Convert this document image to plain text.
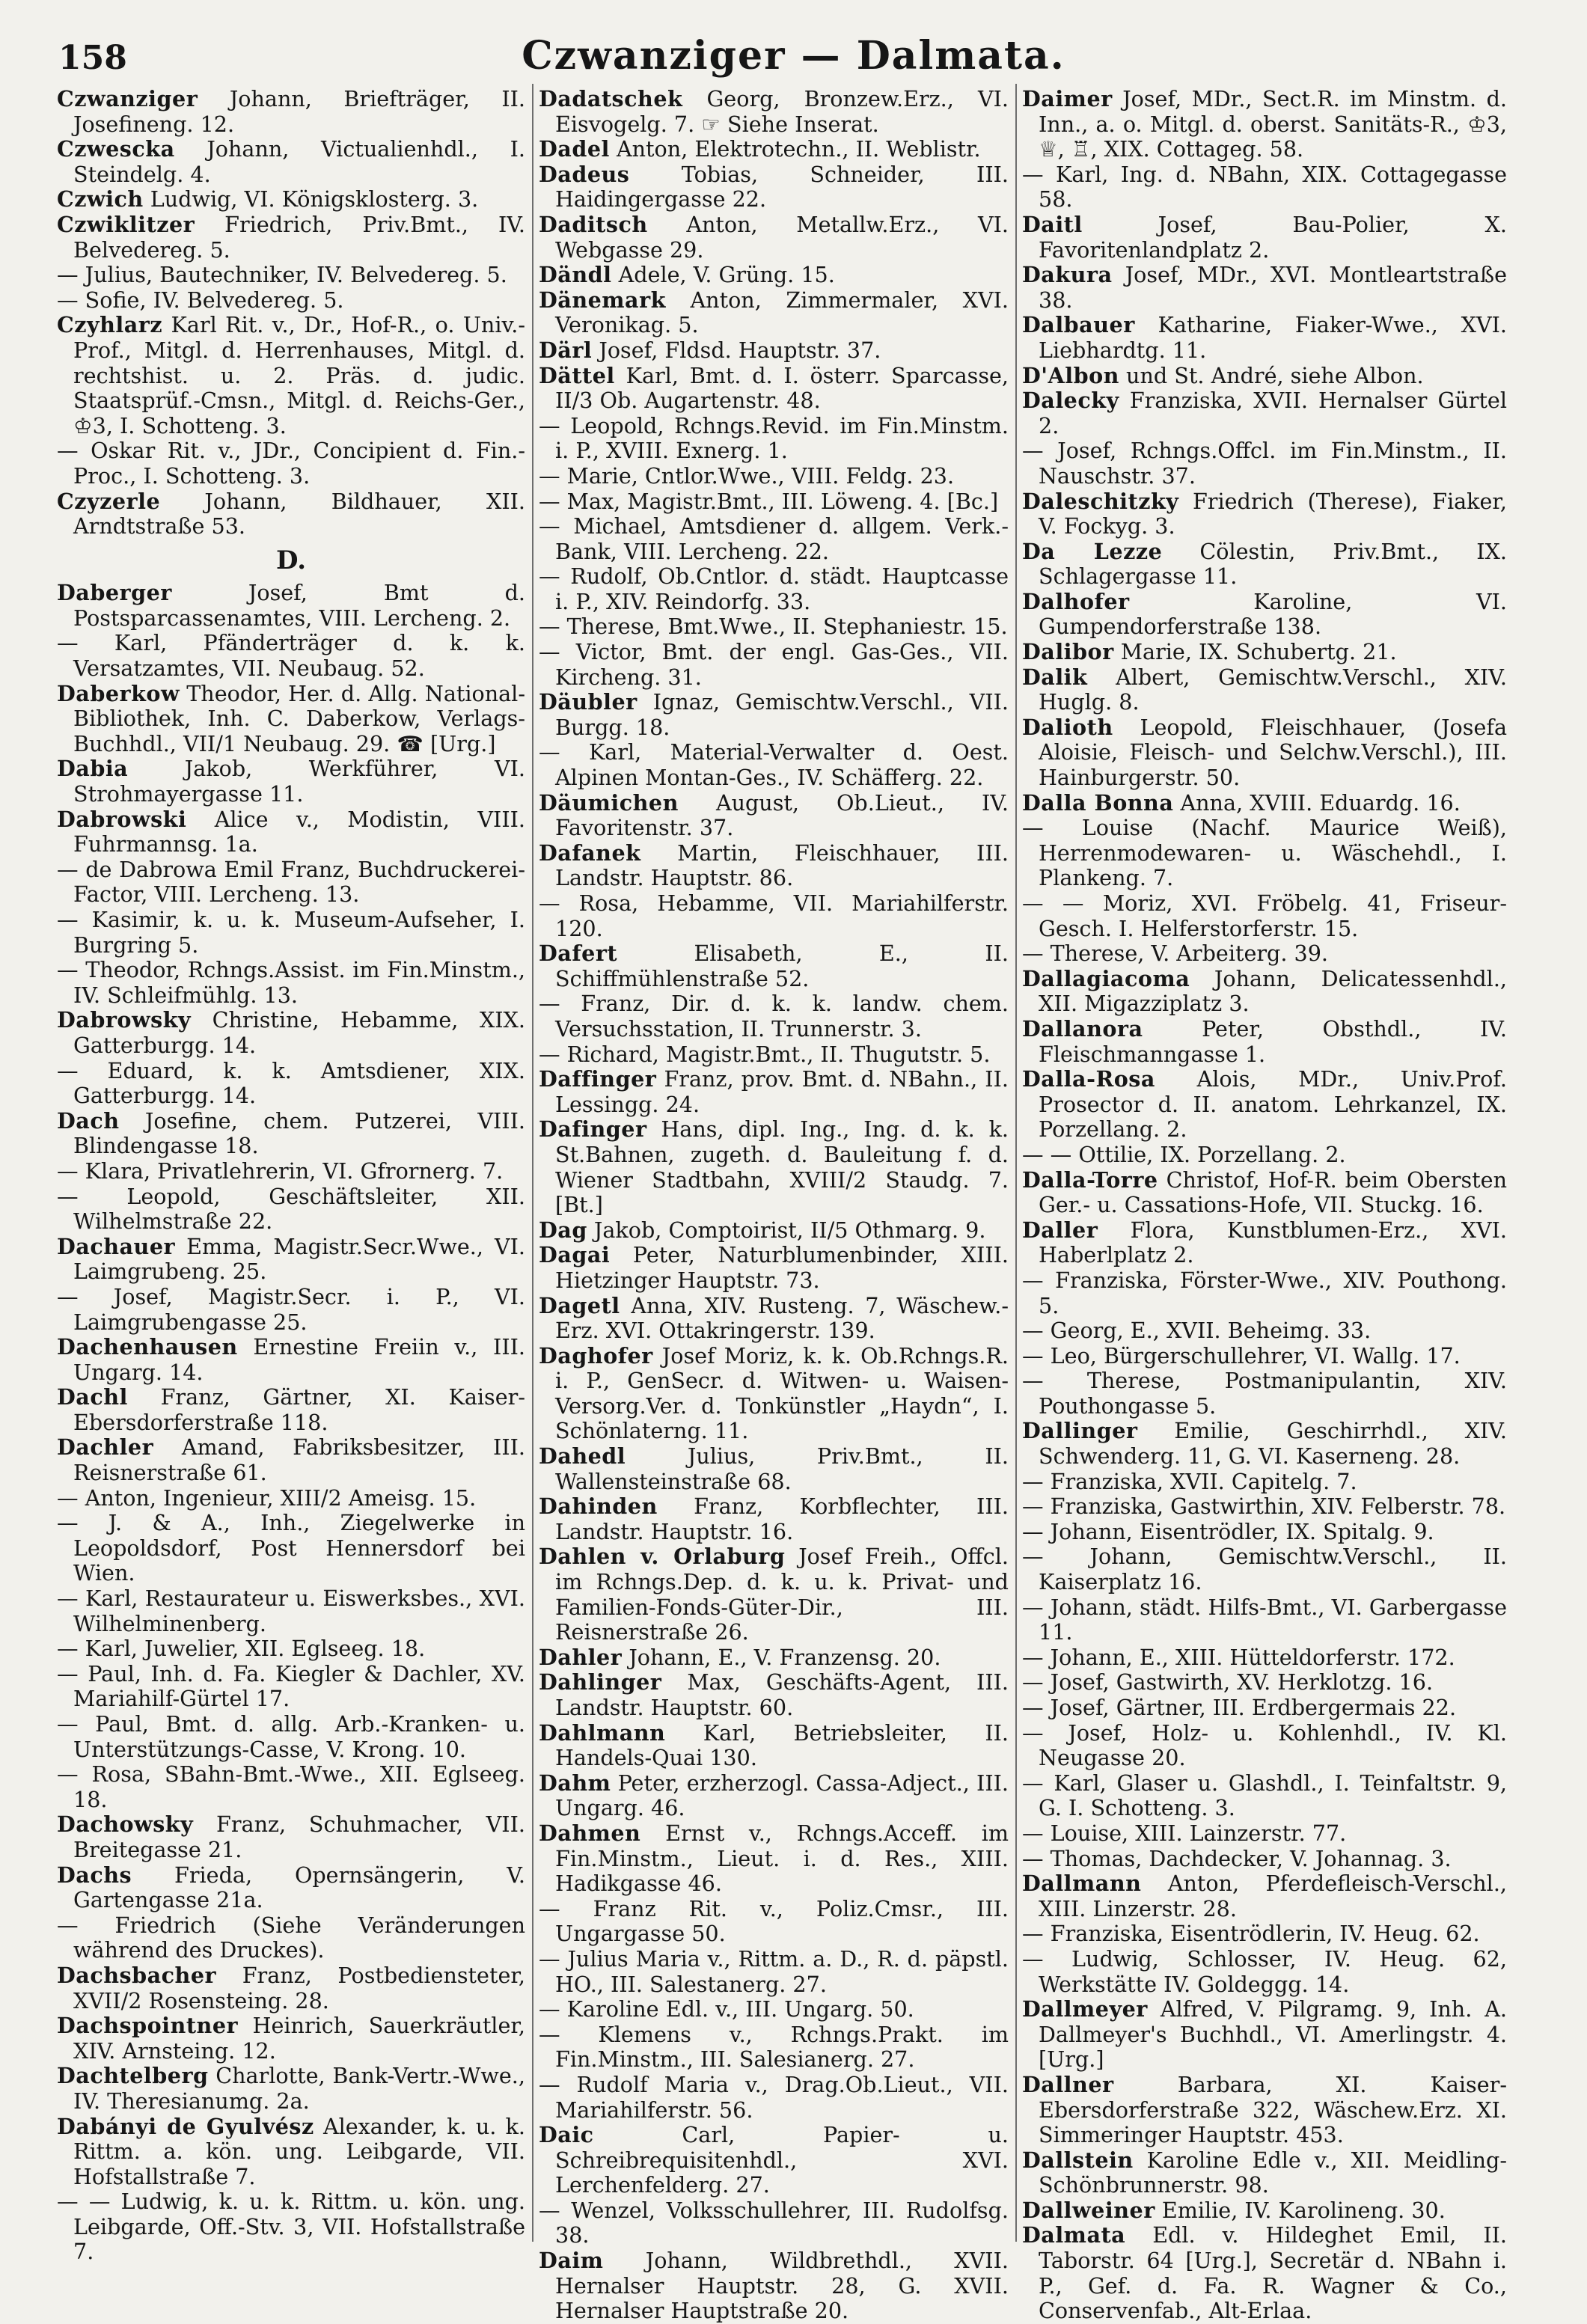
158	Czwanziger — Dalmata.

Czwanziger Johann, Briefträger, II. Josefineng. 12.

Czwescka Johann, Victualienhdl., I. Steindelg. 4.

Czwich Ludwig, VI. Königsklosterg. 3.

Czwiklitzer Friedrich, Priv.Bmt., IV. Belvedereg. 5.

— Julius, Bautechniker, IV. Belvedereg. 5.

— Sofie, IV. Belvedereg. 5.

Czyhlarz Karl Rit. v., Dr., Hof-R., o. Univ.-Prof., Mitgl. d. Herrenhauses, Mitgl. d. rechtshist. u. 2. Präs. d. judic. Staatsprüf.-Cmsn., Mitgl. d. Reichs-Ger., ♔3, I. Schotteng. 3.

— Oskar Rit. v., JDr., Concipient d. Fin.-Proc., I. Schotteng. 3.

Czyzerle Johann, Bildhauer, XII. Arndtstraße 53.

D.

Daberger	Josef, Bmt d. Postsparcassenamtes, VIII. Lercheng. 2.

— Karl, Pfänderträger d. k. k. Versatzamtes, VII. Neubaug. 52.

Daberkow Theodor, Her. d. Allg. National-Bibliothek, Inh. C. Daberkow, Verlags-Buchhdl., VII/1 Neubaug. 29. ☎ [Urg.]

Dabia	Jakob, Werkführer, VI. Strohmayergasse 11.

Dabrowski Alice v., Modistin, VIII. Fuhrmannsg. 1a.

— de Dabrowa Emil Franz, Buchdruckerei-Factor, VIII. Lercheng. 13.

— Kasimir, k. u. k. Museum-Aufseher, I. Burgring 5.

— Theodor, Rchngs.Assist. im Fin.Minstm., IV. Schleifmühlg. 13.

Dabrowsky Christine, Hebamme, XIX. Gatterburgg. 14.

— Eduard, k. k. Amtsdiener, XIX. Gatterburgg. 14.

Dach Josefine, chem. Putzerei, VIII. Blindengasse 18.

— Klara, Privatlehrerin, VI. Gfrornerg. 7.

— Leopold, Geschäftsleiter, XII. Wilhelmstraße 22.

Dachauer Emma, Magistr.Secr.Wwe., VI. Laimgrubeng. 25.

— Josef, Magistr.Secr. i. P., VI. Laimgrubengasse 25.

Dachenhausen Ernestine Freiin v., III. Ungarg. 14.

Dachl Franz, Gärtner, XI. Kaiser-Ebersdorferstraße 118.

Dachler Amand, Fabriksbesitzer, III. Reisnerstraße 61.

— Anton, Ingenieur, XIII/2 Ameisg. 15.

— J. & A., Inh., Ziegelwerke in Leopoldsdorf, Post Hennersdorf bei Wien.

— Karl, Restaurateur u. Eiswerksbes., XVI. Wilhelminenberg.

— Karl, Juwelier, XII. Eglseeg. 18.

— Paul, Inh. d. Fa. Kiegler & Dachler, XV. Mariahilf-Gürtel 17.

— Paul, Bmt. d. allg. Arb.-Kranken- u. Unterstützungs-Casse, V. Krong. 10.

— Rosa, SBahn-Bmt.-Wwe., XII. Eglseeg. 18.

Dachowsky Franz, Schuhmacher, VII. Breitegasse 21.

Dachs Frieda, Opernsängerin, V. Gartengasse 21a.

— Friedrich (Siehe Veränderungen während des Druckes).

Dachsbacher Franz, Postbediensteter, XVII/2 Rosensteing. 28.

Dachspointner Heinrich, Sauerkräutler, XIV. Arnsteing. 12.

Dachtelberg Charlotte, Bank-Vertr.-Wwe., IV. Theresianumg. 2a.

Dabányi de Gyulvész Alexander, k. u. k. Rittm. a. kön. ung. Leibgarde, VII. Hofstallstraße 7.

— — Ludwig, k. u. k. Rittm. u. kön. ung. Leibgarde, Off.-Stv. 3, VII. Hofstallstraße 7.

Dadatschek Georg, Bronzew.Erz., VI. Eisvogelg. 7. ☞ Siehe Inserat.

Dadel Anton, Elektrotechn., II. Weblistr.

Dadeus Tobias, Schneider, III. Haidingergasse 22.

Daditsch Anton, Metallw.Erz., VI. Webgasse 29.

Dändl Adele, V. Grüng. 15.

Dänemark Anton, Zimmermaler, XVI. Veronikag. 5.

Därl Josef, Fldsd. Hauptstr. 37.

Dättel Karl, Bmt. d. I. österr. Sparcasse, II/3 Ob. Augartenstr. 48.

— Leopold, Rchngs.Revid. im Fin.Minstm. i. P., XVIII. Exnerg. 1.

— Marie, Cntlor.Wwe., VIII. Feldg. 23.

— Max, Magistr.Bmt., III. Löweng. 4. [Bc.]

— Michael, Amtsdiener d. allgem. Verk.-Bank, VIII. Lercheng. 22.

— Rudolf, Ob.Cntlor. d. städt. Hauptcasse i. P., XIV. Reindorfg. 33.

— Therese, Bmt.Wwe., II. Stephaniestr. 15.

— Victor, Bmt. der engl. Gas-Ges., VII. Kircheng. 31.

Däubler Ignaz, Gemischtw.Verschl., VII. Burgg. 18.

— Karl, Material-Verwalter d. Oest. Alpinen Montan-Ges., IV. Schäfferg. 22.

Däumichen August, Ob.Lieut., IV. Favoritenstr. 37.

Dafanek Martin, Fleischhauer, III. Landstr. Hauptstr. 86.

— Rosa, Hebamme, VII. Mariahilferstr. 120.

Dafert	Elisabeth, E., II. Schiffmühlenstraße 52.

— Franz, Dir. d. k. k. landw. chem. Versuchsstation, II. Trunnerstr. 3.

— Richard, Magistr.Bmt., II. Thugutstr. 5.

Daffinger Franz, prov. Bmt. d. NBahn., II. Lessingg. 24.

Dafinger Hans, dipl. Ing., Ing. d. k. k. St.Bahnen, zugeth. d. Bauleitung f. d. Wiener Stadtbahn, XVIII/2 Staudg. 7. [Bt.]

Dag Jakob, Comptoirist, II/5 Othmarg. 9.

Dagai Peter, Naturblumenbinder, XIII. Hietzinger Hauptstr. 73.

Dagetl Anna, XIV. Rusteng. 7, Wäschew.-Erz. XVI. Ottakringerstr. 139.

Daghofer Josef Moriz, k. k. Ob.Rchngs.R. i. P., GenSecr. d. Witwen- u. Waisen-Versorg.Ver. d. Tonkünstler „Haydn“, I. Schönlaterng. 11.

Dahedl	Julius, Priv.Bmt., II. Wallensteinstraße 68.

Dahinden Franz, Korbflechter, III. Landstr. Hauptstr. 16.

Dahlen v. Orlaburg Josef Freih., Offcl. im Rchngs.Dep. d. k. u. k. Privat- und Familien-Fonds-Güter-Dir., III. Reisnerstraße 26.

Dahler Johann, E., V. Franzensg. 20.

Dahlinger Max, Geschäfts-Agent, III. Landstr. Hauptstr. 60.

Dahlmann Karl, Betriebsleiter, II. Handels-Quai 130.

Dahm Peter, erzherzogl. Cassa-Adject., III. Ungarg. 46.

Dahmen Ernst v., Rchngs.Acceff. im Fin.Minstm., Lieut. i. d. Res., XIII. Hadikgasse 46.

— Franz Rit. v., Poliz.Cmsr., III. Ungargasse 50.

— Julius Maria v., Rittm. a. D., R. d. päpstl. HO., III. Salestanerg. 27.

— Karoline Edl. v., III. Ungarg. 50.

— Klemens v., Rchngs.Prakt. im Fin.Minstm., III. Salesianerg. 27.

— Rudolf Maria v., Drag.Ob.Lieut., VII. Mariahilferstr. 56.

Daic	Carl, Papier- u. Schreibrequisitenhdl., XVI. Lerchenfelderg. 27.

— Wenzel, Volksschullehrer, III. Rudolfsg. 38.

Daim Johann, Wildbrethdl., XVII. Hernalser Hauptstr. 28, G. XVII. Hernalser Hauptstraße 20.

Daimer Josef, MDr., Sect.R. im Minstm. d. Inn., a. o. Mitgl. d. oberst. Sanitäts-R., ♔3, ♕, ♖, XIX. Cottageg. 58.

— Karl, Ing. d. NBahn, XIX. Cottagegasse 58.

Daitl	Josef, Bau-Polier, X. Favoritenlandplatz 2.

Dakura Josef, MDr., XVI. Montleartstraße 38.

Dalbauer Katharine, Fiaker-Wwe., XVI. Liebhardtg. 11.

D'Albon und St. André, siehe Albon.

Dalecky Franziska, XVII. Hernalser Gürtel 2.

— Josef, Rchngs.Offcl. im Fin.Minstm., II. Nauschstr. 37.

Daleschitzky Friedrich (Therese), Fiaker, V. Fockyg. 3.

Da Lezze Cölestin, Priv.Bmt., IX. Schlagergasse 11.

Dalhofer	Karoline, VI. Gumpendorferstraße 138.

Dalibor Marie, IX. Schubertg. 21.

Dalik Albert, Gemischtw.Verschl., XIV. Huglg. 8.

Dalioth Leopold, Fleischhauer, (Josefa Aloisie, Fleisch- und Selchw.Verschl.), III. Hainburgerstr. 50.

Dalla Bonna Anna, XVIII. Eduardg. 16.

— Louise (Nachf. Maurice Weiß), Herrenmodewaren- u. Wäschehdl., I. Plankeng. 7.

— — Moriz, XVI. Fröbelg. 41, Friseur-Gesch. I. Helferstorferstr. 15.

— Therese, V. Arbeiterg. 39.

Dallagiacoma Johann, Delicatessenhdl., XII. Migazziplatz 3.

Dallanora	Peter, Obsthdl., IV. Fleischmanngasse 1.

Dalla-Rosa Alois, MDr., Univ.Prof. Prosector d. II. anatom. Lehrkanzel, IX. Porzellang. 2.

— — Ottilie, IX. Porzellang. 2.

Dalla-Torre Christof, Hof-R. beim Obersten Ger.- u. Cassations-Hofe, VII. Stuckg. 16.

Daller Flora, Kunstblumen-Erz., XVI. Haberlplatz 2.

— Franziska, Förster-Wwe., XIV. Pouthong. 5.

— Georg, E., XVII. Beheimg. 33.

— Leo, Bürgerschullehrer, VI. Wallg. 17.

— Therese, Postmanipulantin, XIV. Pouthongasse 5.

Dallinger Emilie, Geschirrhdl., XIV. Schwenderg. 11, G. VI. Kaserneng. 28.

— Franziska, XVII. Capitelg. 7.

— Franziska, Gastwirthin, XIV. Felberstr. 78.

— Johann, Eisentrödler, IX. Spitalg. 9.

— Johann, Gemischtw.Verschl., II. Kaiserplatz 16.

— Johann, städt. Hilfs-Bmt., VI. Garbergasse 11.

— Johann, E., XIII. Hütteldorferstr. 172.

— Josef, Gastwirth, XV. Herklotzg. 16.

— Josef, Gärtner, III. Erdbergermais 22.

— Josef, Holz- u. Kohlenhdl., IV. Kl. Neugasse 20.

— Karl, Glaser u. Glashdl., I. Teinfaltstr. 9, G. I. Schotteng. 3.

— Louise, XIII. Lainzerstr. 77.

— Thomas, Dachdecker, V. Johannag. 3.

Dallmann Anton, Pferdefleisch-Verschl., XIII. Linzerstr. 28.

— Franziska, Eisentrödlerin, IV. Heug. 62.

— Ludwig, Schlosser, IV. Heug. 62, Werkstätte IV. Goldeggg. 14.

Dallmeyer Alfred, V. Pilgramg. 9, Inh. A. Dallmeyer's Buchhdl., VI. Amerlingstr. 4. [Urg.]

Dallner	Barbara, XI. Kaiser-Ebersdorferstraße 322, Wäschew.Erz. XI. Simmeringer Hauptstr. 453.

Dallstein Karoline Edle v., XII. Meidling-Schönbrunnerstr. 98.

Dallweiner Emilie, IV. Karolineng. 30.

Dalmata Edl. v. Hildeghet Emil, II. Taborstr. 64 [Urg.], Secretär d. NBahn i. P., Gef. d. Fa. R. Wagner & Co., Conservenfab., Alt-Erlaa.
